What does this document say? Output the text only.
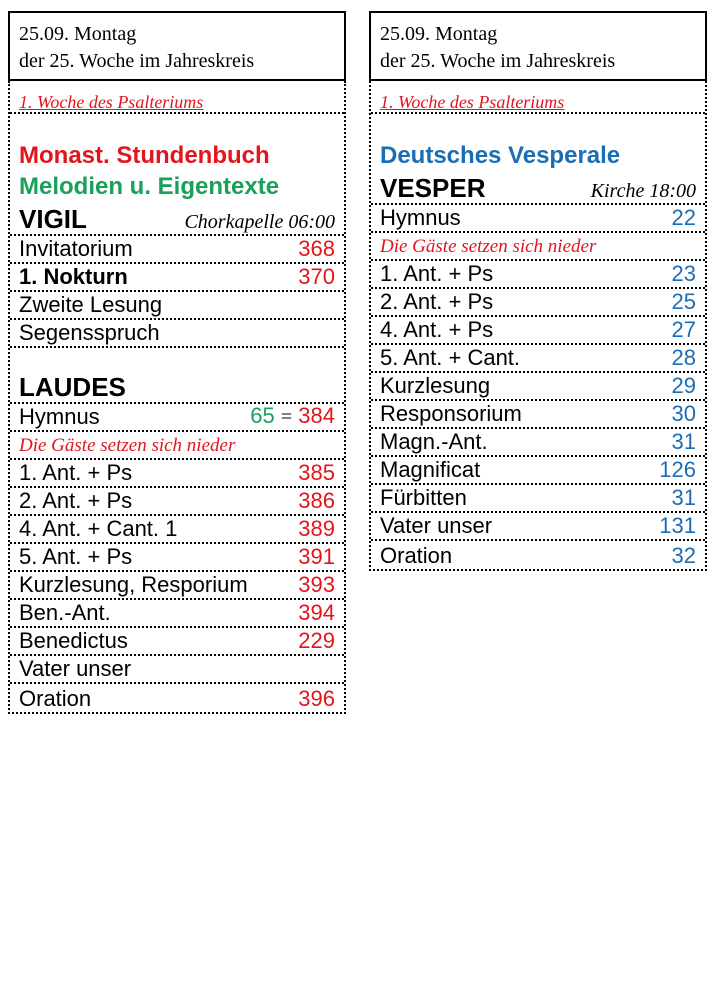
25.09. Montag
der 25. Woche im Jahreskreis
1. Woche des Psalteriums
Monast. Stundenbuch
Melodien u. Eigentexte
VIGIL	Chorkapelle 06:00
Invitatorium	368
1. Nokturn	370
Zweite Lesung
Segensspruch
LAUDES
Hymnus	65 = 384
Die Gäste setzen sich nieder
1. Ant. + Ps	385
2. Ant. + Ps	386
4. Ant. + Cant. 1	389
5. Ant. + Ps	391
Kurzlesung, Resporium 393
Ben.-Ant.	394
Benedictus	229
Vater unser
Oration	396
25.09. Montag
der 25. Woche im Jahreskreis
1. Woche des Psalteriums
Deutsches Vesperale
VESPER	Kirche 18:00
Hymnus	22
Die Gäste setzen sich nieder
1. Ant. + Ps	23
2. Ant. + Ps	25
4. Ant. + Ps	27
5. Ant. + Cant.	28
Kurzlesung	29
Responsorium	30
Magn.-Ant.	31
Magnificat	126
Fürbitten	31
Vater unser	131
Oration	32
